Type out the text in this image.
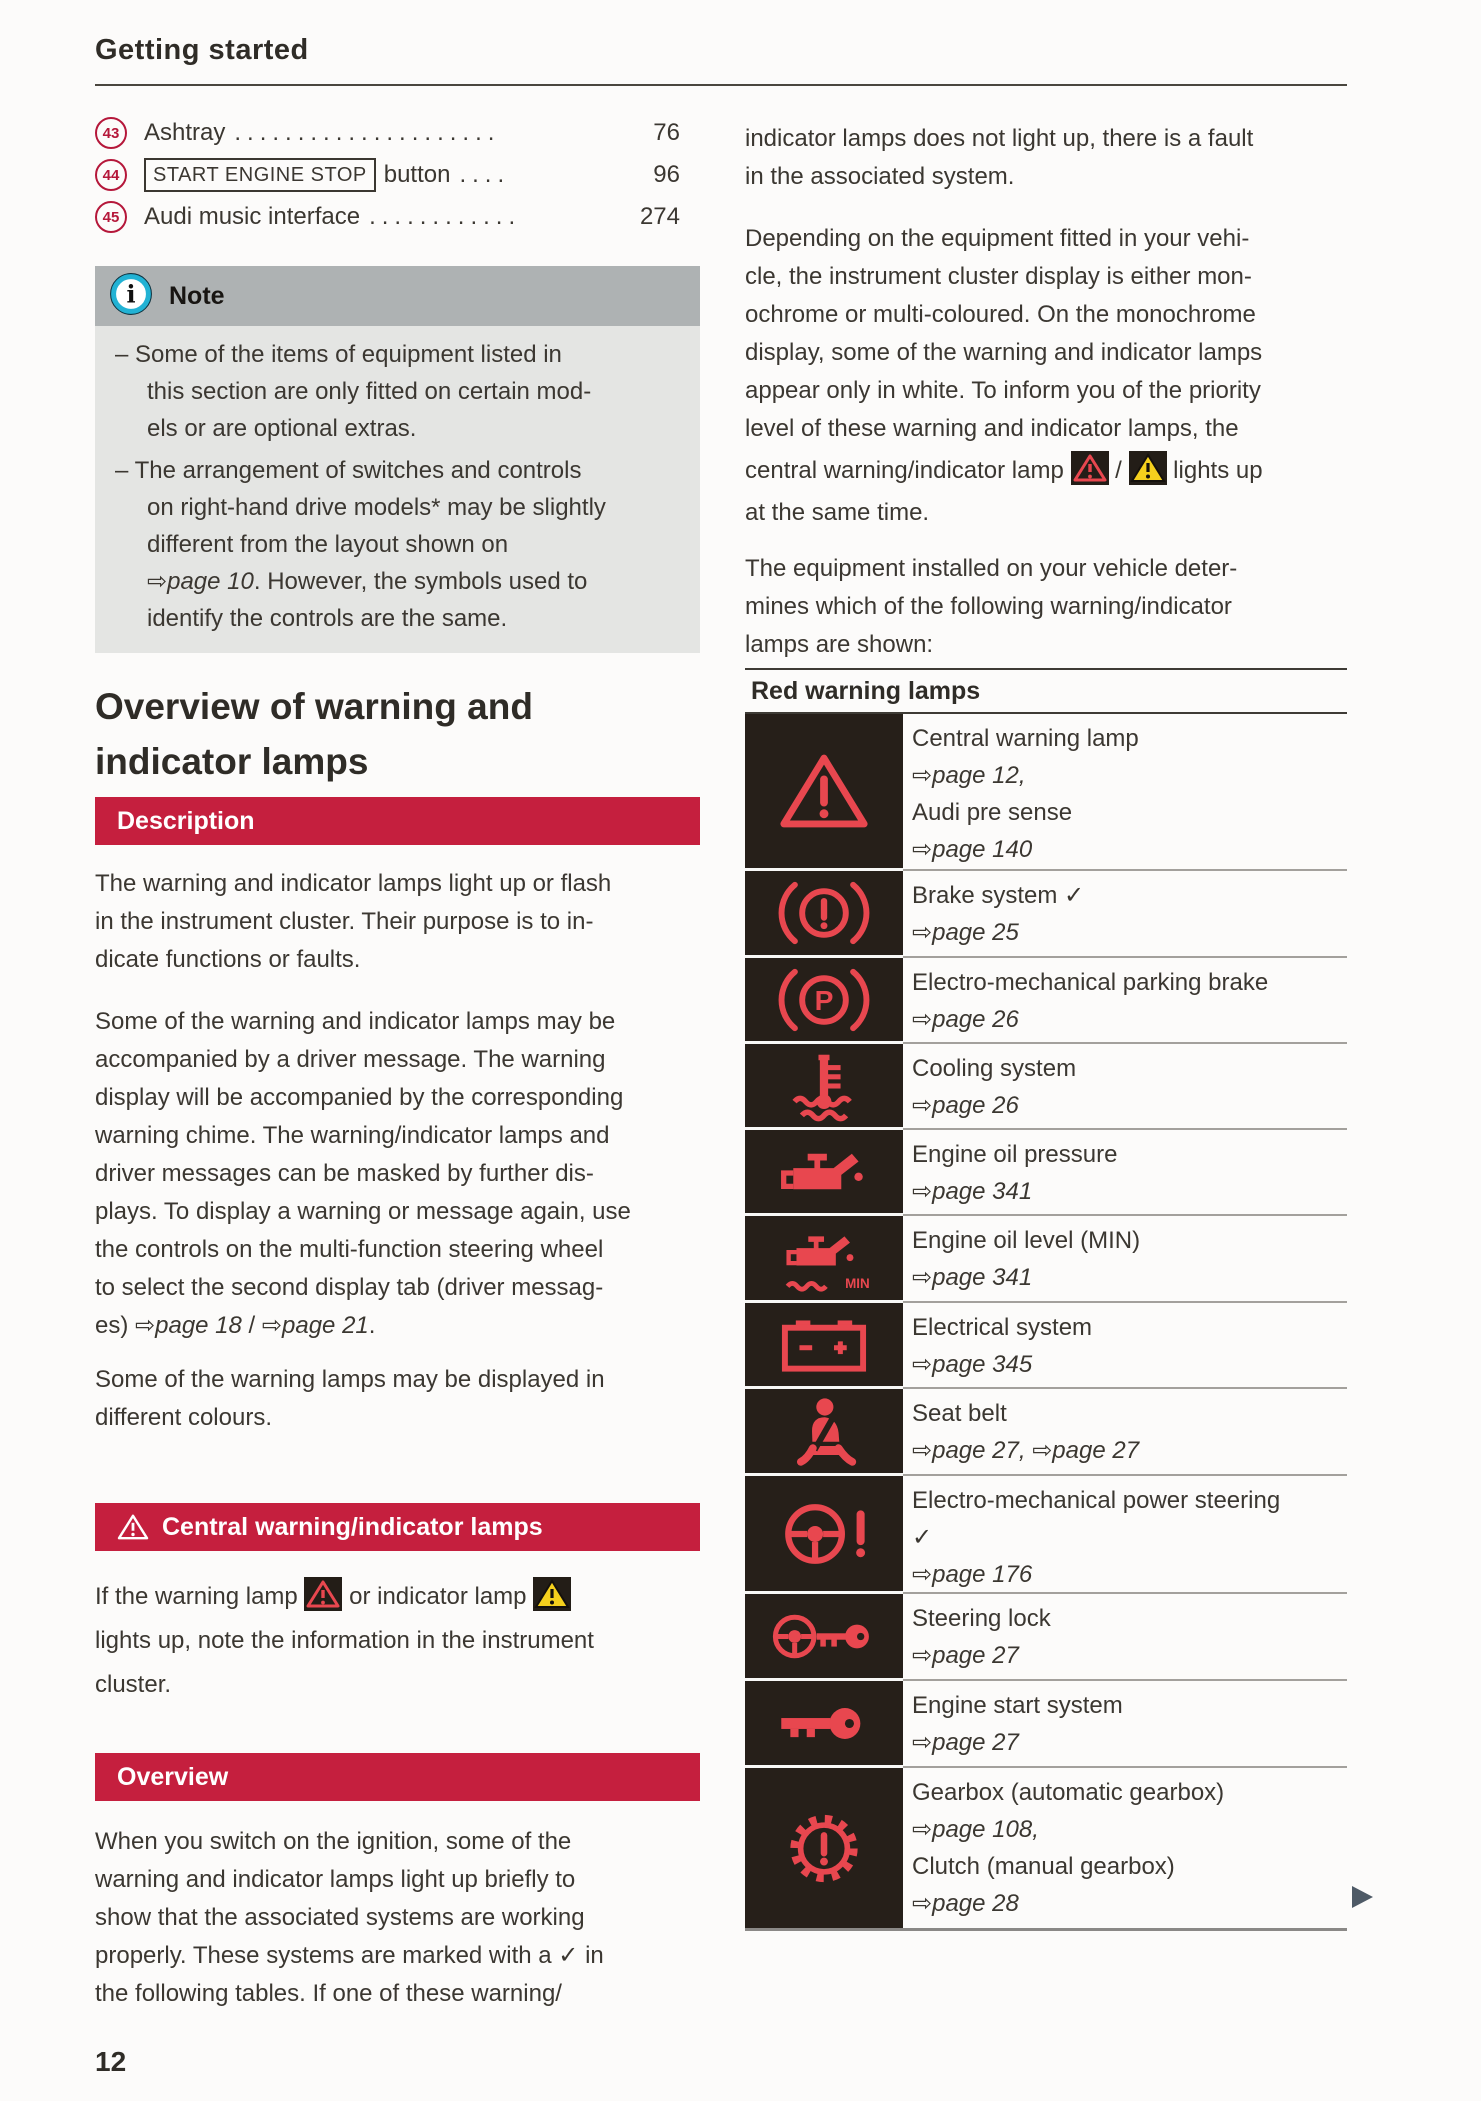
Getting started
43	Ashtray .....................	76
44	START ENGINE STOP button ....	96
45	Audi music interface ............	274
i Note
– Some of the items of equipment listed in
this section are only fitted on certain mod-
els or are optional extras.
– The arrangement of switches and controls
on right-hand drive models* may be slightly
different from the layout shown on
⇨page 10. However, the symbols used to
identify the controls are the same.
Overview of warning and
indicator lamps
Description
The warning and indicator lamps light up or flash
in the instrument cluster. Their purpose is to in-
dicate functions or faults.
Some of the warning and indicator lamps may be
accompanied by a driver message. The warning
display will be accompanied by the corresponding
warning chime. The warning/indicator lamps and
driver messages can be masked by further dis-
plays. To display a warning or message again, use
the controls on the multi-function steering wheel
to select the second display tab (driver messag-
es) ⇨page 18 / ⇨page 21.
Some of the warning lamps may be displayed in
different colours.
Central warning/indicator lamps
If the warning lamp  or indicator lamp
lights up, note the information in the instrument
cluster.
Overview
When you switch on the ignition, some of the
warning and indicator lamps light up briefly to
show that the associated systems are working
properly. These systems are marked with a ✓ in
the following tables. If one of these warning/
indicator lamps does not light up, there is a fault
in the associated system.
Depending on the equipment fitted in your vehi-
cle, the instrument cluster display is either mon-
ochrome or multi-coloured. On the monochrome
display, some of the warning and indicator lamps
appear only in white. To inform you of the priority
level of these warning and indicator lamps, the
central warning/indicator lamp  /  lights up
at the same time.
The equipment installed on your vehicle deter-
mines which of the following warning/indicator
lamps are shown:
Red warning lamps
Central warning lamp
⇨page 12,
Audi pre sense
⇨page 140
Brake system ✓
⇨page 25
P
Electro-mechanical parking brake
⇨page 26
Cooling system
⇨page 26
Engine oil pressure
⇨page 341
MIN
Engine oil level (MIN)
⇨page 341
Electrical system
⇨page 345
Seat belt
⇨page 27, ⇨page 27
Electro-mechanical power steering
✓
⇨page 176
Steering lock
⇨page 27
Engine start system
⇨page 27
Gearbox (automatic gearbox)
⇨page 108,
Clutch (manual gearbox)
⇨page 28
12
